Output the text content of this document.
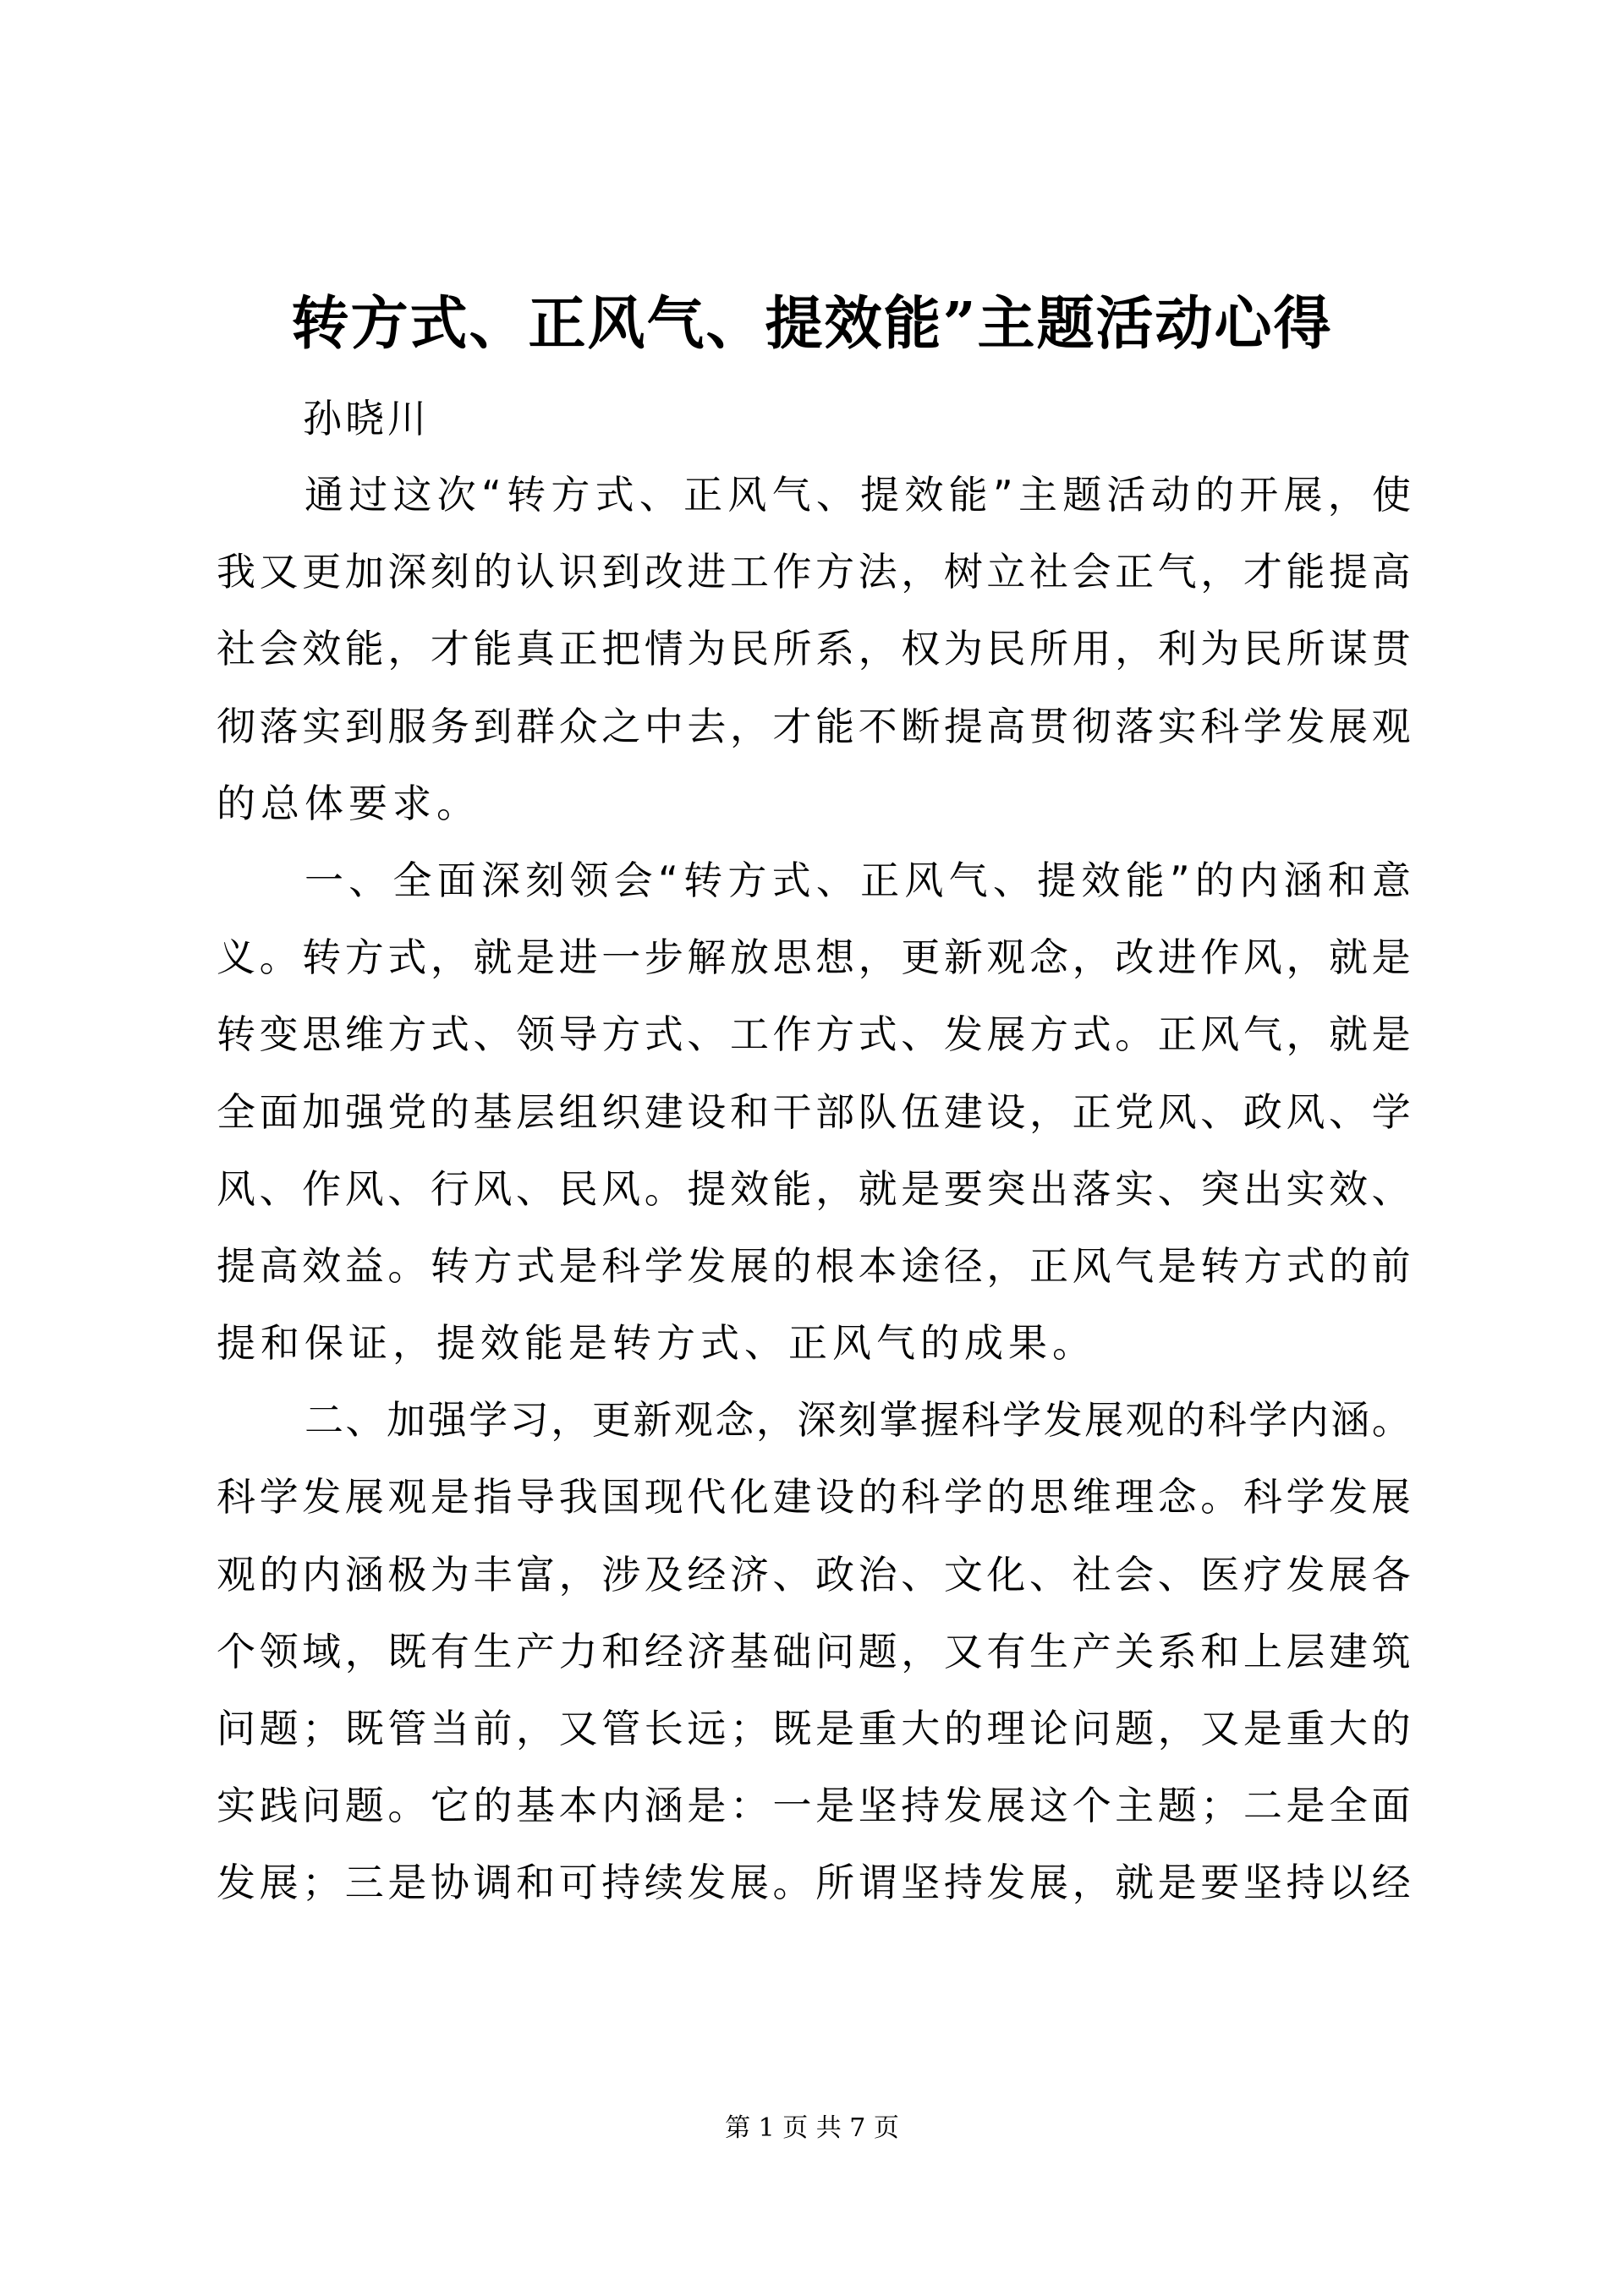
转方式、正风气、提效能”主题活动心得
孙晓川
通 过 这 次 “ 转 方 式 、 正 风 气 、 提 效 能 ” 主 题 活 动 的 开 展 ， 使
我 又 更 加 深 刻 的 认 识 到 改 进 工 作 方 法 ， 树 立 社 会 正 气 ， 才 能 提 高
社 会 效 能 ， 才 能 真 正 把 情 为 民 所 系 ， 权 为 民 所 用 ， 利 为 民 所 谋 贯
彻 落 实 到 服 务 到 群 众 之 中 去 ， 才 能 不 断 提 高 贯 彻 落 实 科 学 发 展 观
的 总 体 要 求 。
一 、 全 面 深 刻 领 会 “ 转 方 式 、 正 风 气 、 提 效 能 ” 的 内 涵 和 意
义 。 转 方 式 ， 就 是 进 一 步 解 放 思 想 ， 更 新 观 念 ， 改 进 作 风 ， 就 是
转 变 思 维 方 式 、 领 导 方 式 、 工 作 方 式 、 发 展 方 式 。 正 风 气 ， 就 是
全 面 加 强 党 的 基 层 组 织 建 设 和 干 部 队 伍 建 设 ， 正 党 风 、 政 风 、 学
风 、 作 风 、 行 风 、 民 风 。 提 效 能 ， 就 是 要 突 出 落 实 、 突 出 实 效 、
提 高 效 益 。 转 方 式 是 科 学 发 展 的 根 本 途 径 ， 正 风 气 是 转 方 式 的 前
提 和 保 证 ， 提 效 能 是 转 方 式 、 正 风 气 的 成 果 。
二 、 加 强 学 习 ， 更 新 观 念 ， 深 刻 掌 握 科 学 发 展 观 的 科 学 内 涵 。
科 学 发 展 观 是 指 导 我 国 现 代 化 建 设 的 科 学 的 思 维 理 念 。 科 学 发 展
观 的 内 涵 极 为 丰 富 ， 涉 及 经 济 、 政 治 、 文 化 、 社 会 、 医 疗 发 展 各
个 领 域 ， 既 有 生 产 力 和 经 济 基 础 问 题 ， 又 有 生 产 关 系 和 上 层 建 筑
问 题 ； 既 管 当 前 ， 又 管 长 远 ； 既 是 重 大 的 理 论 问 题 ， 又 是 重 大 的
实 践 问 题 。 它 的 基 本 内 涵 是 ： 一 是 坚 持 发 展 这 个 主 题 ； 二 是 全 面
发 展 ； 三 是 协 调 和 可 持 续 发 展 。 所 谓 坚 持 发 展 ， 就 是 要 坚 持 以 经
第 1 页 共 7 页
